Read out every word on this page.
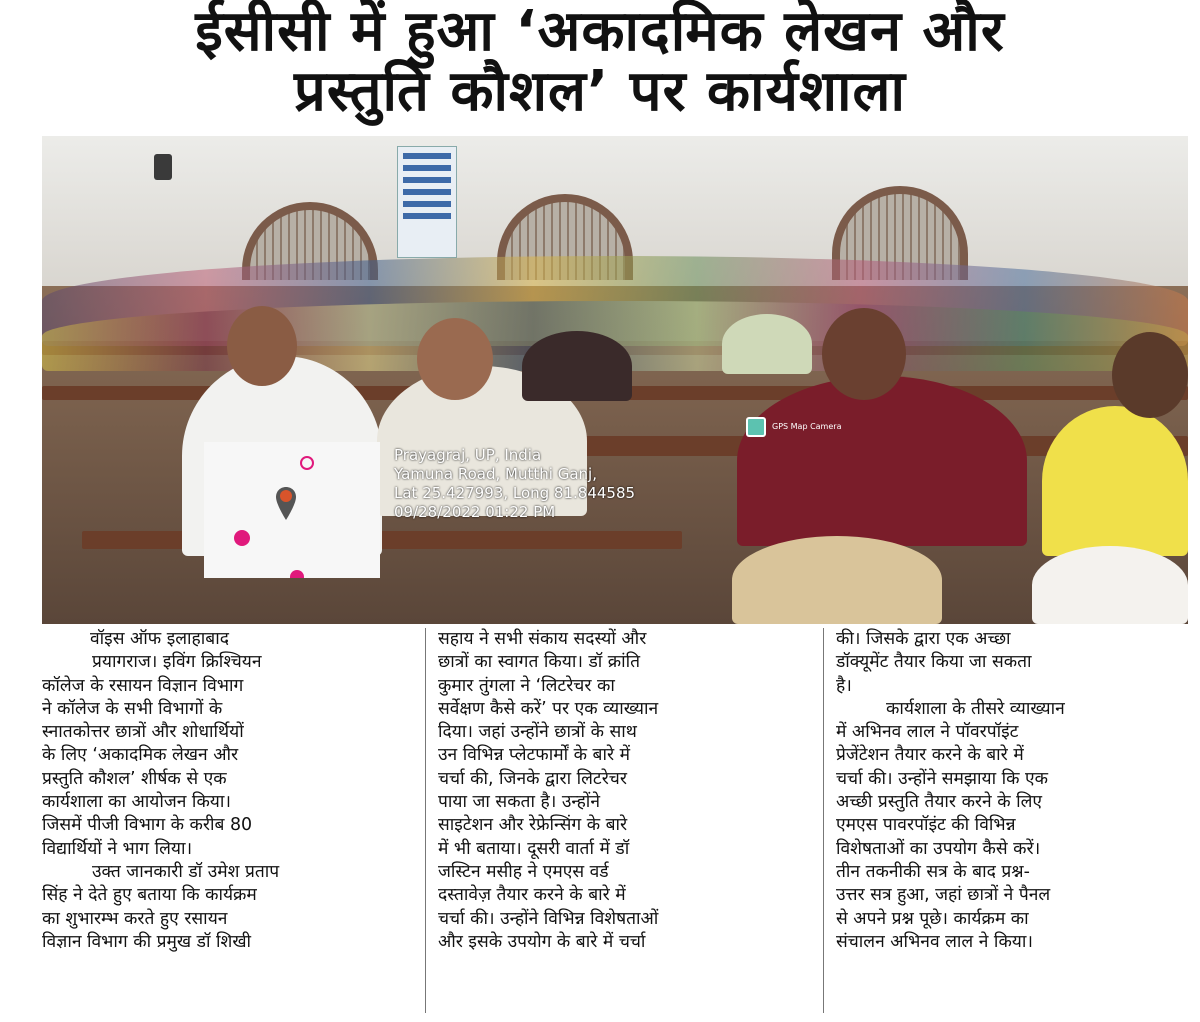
ईसीसी में हुआ ‘अकादमिक लेखन और
प्रस्तुति कौशल’ पर कार्यशाला
GPS Map Camera
Prayagraj, UP, India
Yamuna Road, Mutthi Ganj,
Lat 25.427993, Long 81.844585
09/28/2022 01:22 PM
वॉइस ऑफ इलाहाबाद
प्रयागराज। इविंग क्रिश्चियन
कॉलेज के रसायन विज्ञान विभाग
ने कॉलेज के सभी विभागों के
स्नातकोत्तर छात्रों और शोधार्थियों
के लिए ‘अकादमिक लेखन और
प्रस्तुति कौशल’ शीर्षक से एक
कार्यशाला का आयोजन किया।
जिसमें पीजी विभाग के करीब 80
विद्यार्थियों ने भाग लिया।
उक्त जानकारी डॉ उमेश प्रताप
सिंह ने देते हुए बताया कि कार्यक्रम
का शुभारम्भ करते हुए रसायन
विज्ञान विभाग की प्रमुख डॉ शिखी
सहाय ने सभी संकाय सदस्यों और
छात्रों का स्वागत किया। डॉ क्रांति
कुमार तुंगला ने ‘लिटरेचर का
सर्वेक्षण कैसे करें’ पर एक व्याख्यान
दिया। जहां उन्होंने छात्रों के साथ
उन विभिन्न प्लेटफार्मों के बारे में
चर्चा की, जिनके द्वारा लिटरेचर
पाया जा सकता है। उन्होंने
साइटेशन और रेफ्रेन्सिंग के बारे
में भी बताया। दूसरी वार्ता में डॉ
जस्टिन मसीह ने एमएस वर्ड
दस्तावेज़ तैयार करने के बारे में
चर्चा की। उन्होंने विभिन्न विशेषताओं
और इसके उपयोग के बारे में चर्चा
की। जिसके द्वारा एक अच्छा
डॉक्यूमेंट तैयार किया जा सकता
है।
कार्यशाला के तीसरे व्याख्यान
में अभिनव लाल ने पॉवरपॉइंट
प्रेजेंटेशन तैयार करने के बारे में
चर्चा की। उन्होंने समझाया कि एक
अच्छी प्रस्तुति तैयार करने के लिए
एमएस पावरपॉइंट की विभिन्न
विशेषताओं का उपयोग कैसे करें।
तीन तकनीकी सत्र के बाद प्रश्न-
उत्तर सत्र हुआ, जहां छात्रों ने पैनल
से अपने प्रश्न पूछे। कार्यक्रम का
संचालन अभिनव लाल ने किया।
